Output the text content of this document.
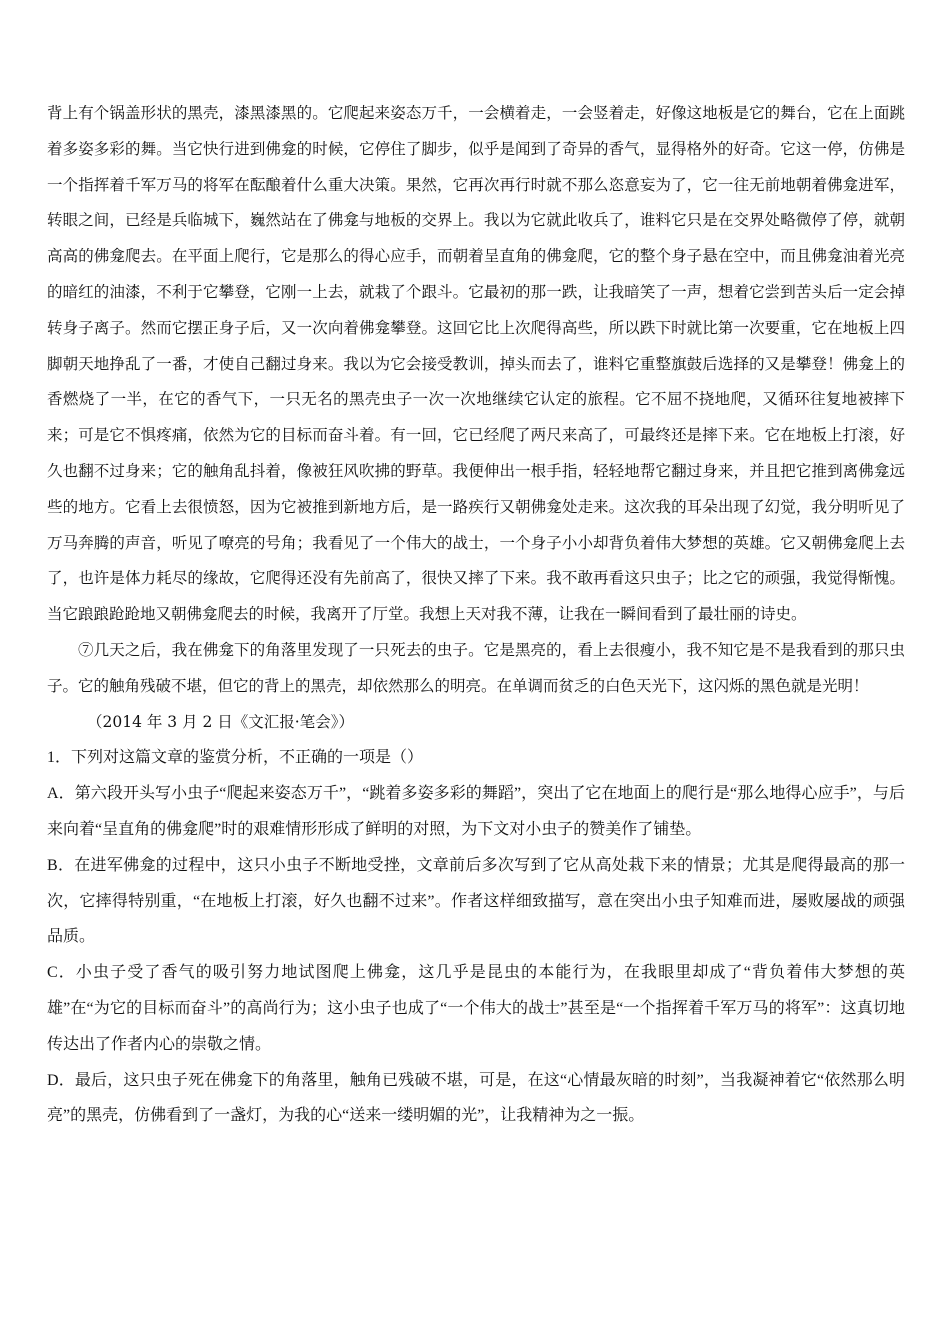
背上有个锅盖形状的黑壳，漆黑漆黑的。它爬起来姿态万千，一会横着走，一会竖着走，好像这地板是它的舞台，它在上面跳着多姿多彩的舞。当它快行进到佛龛的时候，它停住了脚步，似乎是闻到了奇异的香气，显得格外的好奇。它这一停，仿佛是一个指挥着千军万马的将军在酝酿着什么重大决策。果然，它再次再行时就不那么恣意妄为了，它一往无前地朝着佛龛进军，转眼之间，已经是兵临城下，巍然站在了佛龛与地板的交界上。我以为它就此收兵了，谁料它只是在交界处略微停了停，就朝高高的佛龛爬去。在平面上爬行，它是那么的得心应手，而朝着呈直角的佛龛爬，它的整个身子悬在空中，而且佛龛油着光亮的暗红的油漆，不利于它攀登，它刚一上去，就栽了个跟斗。它最初的那一跌，让我暗笑了一声，想着它尝到苦头后一定会掉转身子离子。然而它摆正身子后，又一次向着佛龛攀登。这回它比上次爬得高些，所以跌下时就比第一次要重，它在地板上四脚朝天地挣乱了一番，才使自己翻过身来。我以为它会接受教训，掉头而去了，谁料它重整旗鼓后选择的又是攀登！佛龛上的香燃烧了一半，在它的香气下，一只无名的黑壳虫子一次一次地继续它认定的旅程。它不屈不挠地爬，又循环往复地被摔下来；可是它不惧疼痛，依然为它的目标而奋斗着。有一回，它已经爬了两尺来高了，可最终还是摔下来。它在地板上打滚，好久也翻不过身来；它的触角乱抖着，像被狂风吹拂的野草。我便伸出一根手指，轻轻地帮它翻过身来，并且把它推到离佛龛远些的地方。它看上去很愤怒，因为它被推到新地方后，是一路疾行又朝佛龛处走来。这次我的耳朵出现了幻觉，我分明听见了万马奔腾的声音，听见了嘹亮的号角；我看见了一个伟大的战士，一个身子小小却背负着伟大梦想的英雄。它又朝佛龛爬上去了，也许是体力耗尽的缘故，它爬得还没有先前高了，很快又摔了下来。我不敢再看这只虫子；比之它的顽强，我觉得惭愧。当它踉踉跄跄地又朝佛龛爬去的时候，我离开了厅堂。我想上天对我不薄，让我在一瞬间看到了最壮丽的诗史。

⑦几天之后，我在佛龛下的角落里发现了一只死去的虫子。它是黑亮的，看上去很瘦小，我不知它是不是我看到的那只虫子。它的触角残破不堪，但它的背上的黑壳，却依然那么的明亮。在单调而贫乏的白色天光下，这闪烁的黑色就是光明！

（2014 年 3 月 2 日《文汇报·笔会》）

1．下列对这篇文章的鉴赏分析，不正确的一项是（）

A．第六段开头写小虫子“爬起来姿态万千”，“跳着多姿多彩的舞蹈”，突出了它在地面上的爬行是“那么地得心应手”，与后来向着“呈直角的佛龛爬”时的艰难情形形成了鲜明的对照，为下文对小虫子的赞美作了铺垫。

B．在进军佛龛的过程中，这只小虫子不断地受挫，文章前后多次写到了它从高处栽下来的情景；尤其是爬得最高的那一次，它摔得特别重，“在地板上打滚，好久也翻不过来”。作者这样细致描写，意在突出小虫子知难而进，屡败屡战的顽强品质。

C．小虫子受了香气的吸引努力地试图爬上佛龛，这几乎是昆虫的本能行为，在我眼里却成了“背负着伟大梦想的英雄”在“为它的目标而奋斗”的高尚行为；这小虫子也成了“一个伟大的战士”甚至是“一个指挥着千军万马的将军”：这真切地传达出了作者内心的崇敬之情。

D．最后，这只虫子死在佛龛下的角落里，触角已残破不堪，可是，在这“心情最灰暗的时刻”，当我凝神着它“依然那么明亮”的黑壳，仿佛看到了一盏灯，为我的心“送来一缕明媚的光”，让我精神为之一振。
